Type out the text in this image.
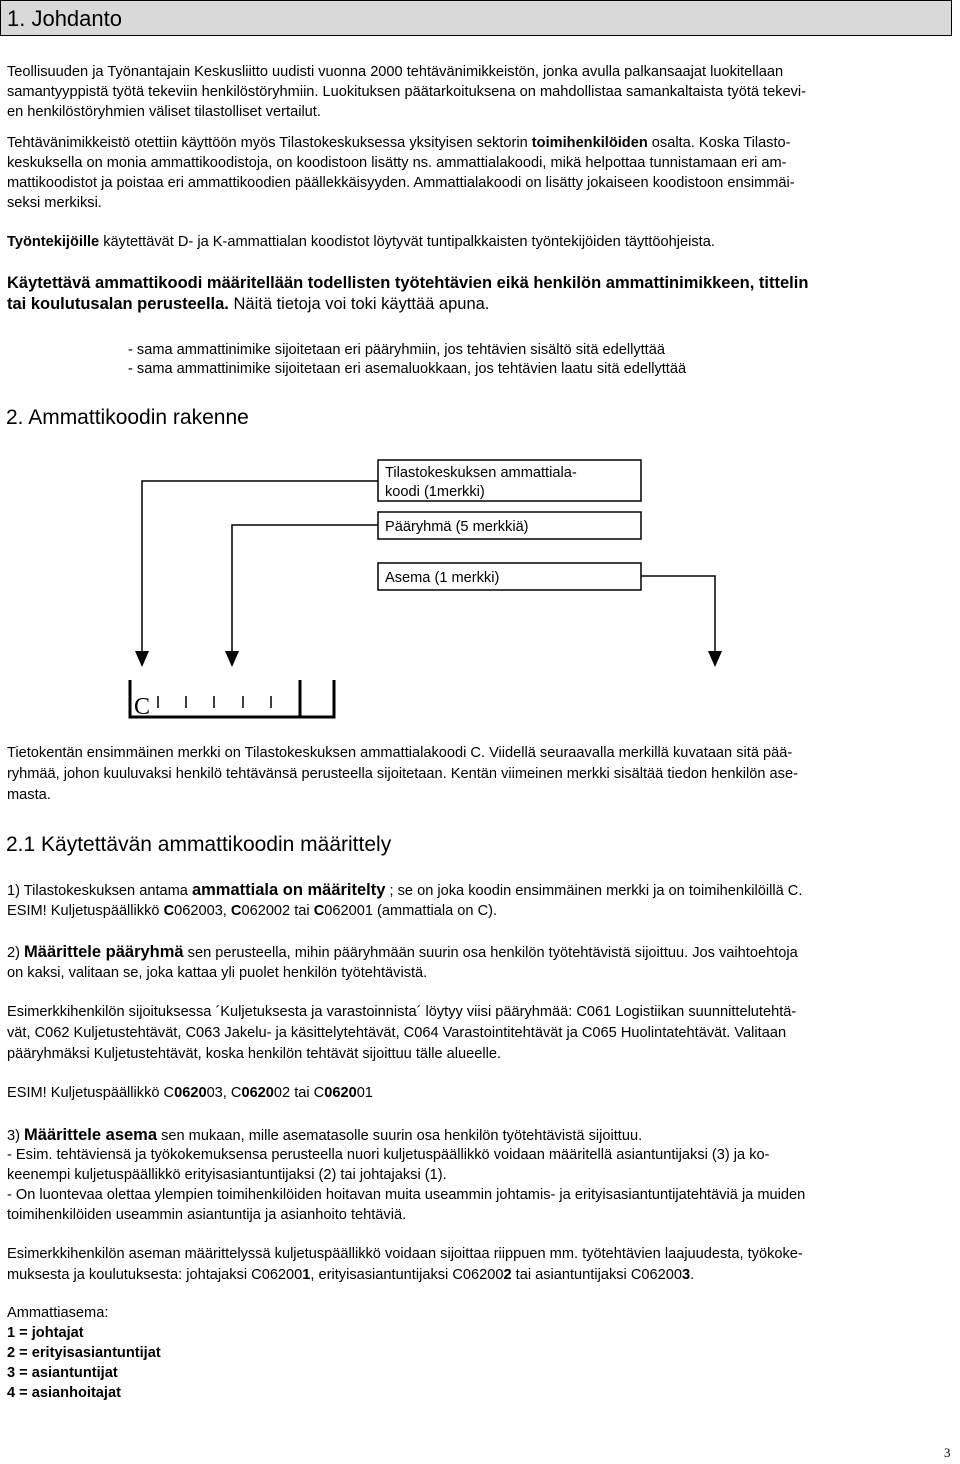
1. Johdanto

Teollisuuden ja Työnantajain Keskusliitto uudisti vuonna 2000 tehtävänimikkeistön, jonka avulla palkansaajat luokitellaan

samantyyppistä työtä tekeviin henkilöstöryhmiin. Luokituksen päätarkoituksena on mahdollistaa samankaltaista työtä tekevi-

en henkilöstöryhmien väliset tilastolliset vertailut.

Tehtävänimikkeistö otettiin käyttöön myös Tilastokeskuksessa yksityisen sektorin toimihenkilöiden osalta. Koska Tilasto-

keskuksella on monia ammattikoodistoja, on koodistoon lisätty ns. ammattialakoodi, mikä helpottaa tunnistamaan eri am-

mattikoodistot ja poistaa eri ammattikoodien päällekkäisyyden. Ammattialakoodi on lisätty jokaiseen koodistoon ensimmäi-

seksi merkiksi.

Työntekijöille käytettävät D- ja K-ammattialan koodistot löytyvät tuntipalkkaisten työntekijöiden täyttöohjeista.

Käytettävä ammattikoodi määritellään todellisten työtehtävien eikä henkilön ammattinimikkeen, tittelin

tai koulutusalan perusteella. Näitä tietoja voi toki käyttää apuna.

- sama ammattinimike sijoitetaan eri pääryhmiin, jos tehtävien sisältö sitä edellyttää

- sama ammattinimike sijoitetaan eri asemaluokkaan, jos tehtävien laatu sitä edellyttää

2. Ammattikoodin rakenne

Tilastokeskuksen ammattiala-
koodi (1merkki)
Pääryhmä (5 merkkiä)
Asema (1 merkki)
C

Tietokentän ensimmäinen merkki on Tilastokeskuksen ammattialakoodi C. Viidellä seuraavalla merkillä kuvataan sitä pää-

ryhmää, johon kuuluvaksi henkilö tehtävänsä perusteella sijoitetaan. Kentän viimeinen merkki sisältää tiedon henkilön ase-

masta.

2.1 Käytettävän ammattikoodin määrittely

1) Tilastokeskuksen antama ammattiala on määritelty ; se on joka koodin ensimmäinen merkki ja on toimihenkilöillä C.

ESIM! Kuljetuspäällikkö C062003, C062002 tai C062001 (ammattiala on C).

2) Määrittele pääryhmä sen perusteella, mihin pääryhmään suurin osa henkilön työtehtävistä sijoittuu. Jos vaihtoehtoja

on kaksi, valitaan se, joka kattaa yli puolet henkilön työtehtävistä.

Esimerkkihenkilön sijoituksessa ´Kuljetuksesta ja varastoinnista´ löytyy viisi pääryhmää: C061 Logistiikan suunnittelutehtä-

vät, C062 Kuljetustehtävät, C063 Jakelu- ja käsittelytehtävät, C064 Varastointitehtävät ja C065 Huolintatehtävät. Valitaan

pääryhmäksi Kuljetustehtävät, koska henkilön tehtävät sijoittuu tälle alueelle.

ESIM! Kuljetuspäällikkö C062003, C062002 tai C062001

3) Määrittele asema sen mukaan, mille asematasolle suurin osa henkilön työtehtävistä sijoittuu.

- Esim. tehtäviensä ja työkokemuksensa perusteella nuori kuljetuspäällikkö voidaan määritellä asiantuntijaksi (3) ja ko-

keenempi kuljetuspäällikkö erityisasiantuntijaksi (2) tai johtajaksi (1).

- On luontevaa olettaa ylempien toimihenkilöiden hoitavan muita useammin johtamis- ja erityisasiantuntijatehtäviä ja muiden

toimihenkilöiden useammin asiantuntija ja asianhoito tehtäviä.

Esimerkkihenkilön aseman määrittelyssä kuljetuspäällikkö voidaan sijoittaa riippuen mm. työtehtävien laajuudesta, työkoke-

muksesta ja koulutuksesta: johtajaksi C062001, erityisasiantuntijaksi C062002 tai asiantuntijaksi C062003.

Ammattiasema:

1 = johtajat

2 = erityisasiantuntijat

3 = asiantuntijat

4 = asianhoitajat

3
